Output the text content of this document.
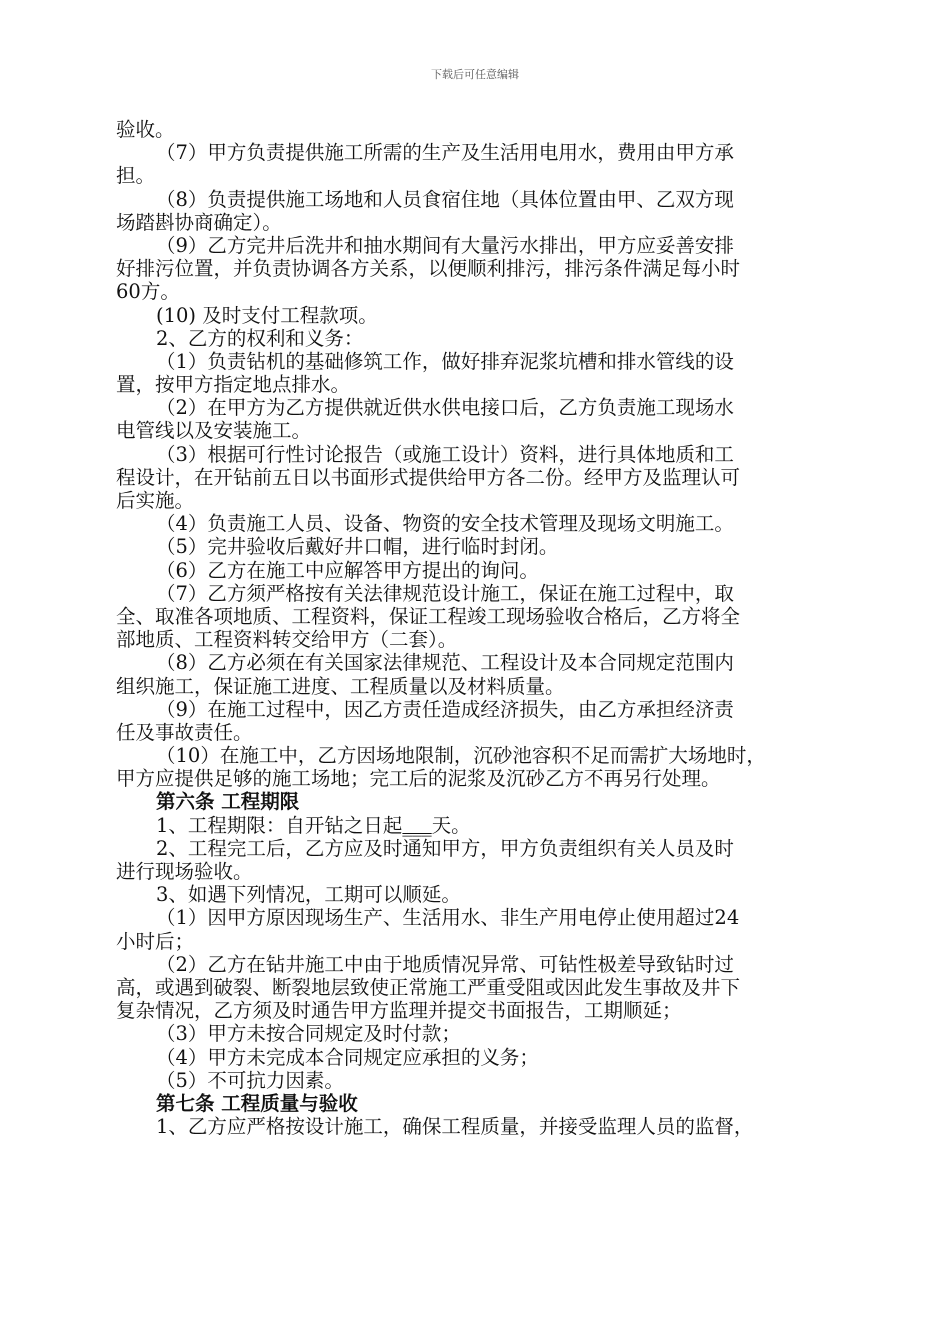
下载后可任意编辑
验收。
（7）甲方负责提供施工所需的生产及生活用电用水，费用由甲方承
担。
（8）负责提供施工场地和人员食宿住地（具体位置由甲、乙双方现
场踏斟协商确定）。
（9）乙方完井后洗井和抽水期间有大量污水排出，甲方应妥善安排
好排污位置，并负责协调各方关系，以便顺利排污，排污条件满足每小时
60方。
(10) 及时支付工程款项。
2、乙方的权利和义务：
（1）负责钻机的基础修筑工作，做好排弃泥浆坑槽和排水管线的设
置，按甲方指定地点排水。
（2）在甲方为乙方提供就近供水供电接口后，乙方负责施工现场水
电管线以及安装施工。
（3）根据可行性讨论报告（或施工设计）资料，进行具体地质和工
程设计，在开钻前五日以书面形式提供给甲方各二份。经甲方及监理认可
后实施。
（4）负责施工人员、设备、物资的安全技术管理及现场文明施工。
（5）完井验收后戴好井口帽，进行临时封闭。
（6）乙方在施工中应解答甲方提出的询问。
（7）乙方须严格按有关法律规范设计施工，保证在施工过程中，取
全、取准各项地质、工程资料，保证工程竣工现场验收合格后，乙方将全
部地质、工程资料转交给甲方（二套）。
（8）乙方必须在有关国家法律规范、工程设计及本合同规定范围内
组织施工，保证施工进度、工程质量以及材料质量。
（9）在施工过程中，因乙方责任造成经济损失，由乙方承担经济责
任及事故责任。
（10）在施工中，乙方因场地限制，沉砂池容积不足而需扩大场地时，
甲方应提供足够的施工场地；完工后的泥浆及沉砂乙方不再另行处理。
第六条 工程期限
1、工程期限：自开钻之日起___天。
2、工程完工后，乙方应及时通知甲方，甲方负责组织有关人员及时
进行现场验收。
3、如遇下列情况，工期可以顺延。
（1）因甲方原因现场生产、生活用水、非生产用电停止使用超过24
小时后；
（2）乙方在钻井施工中由于地质情况异常、可钻性极差导致钻时过
高，或遇到破裂、断裂地层致使正常施工严重受阻或因此发生事故及井下
复杂情况，乙方须及时通告甲方监理并提交书面报告，工期顺延；
（3）甲方未按合同规定及时付款；
（4）甲方未完成本合同规定应承担的义务；
（5）不可抗力因素。
第七条 工程质量与验收
1、乙方应严格按设计施工，确保工程质量，并接受监理人员的监督，
